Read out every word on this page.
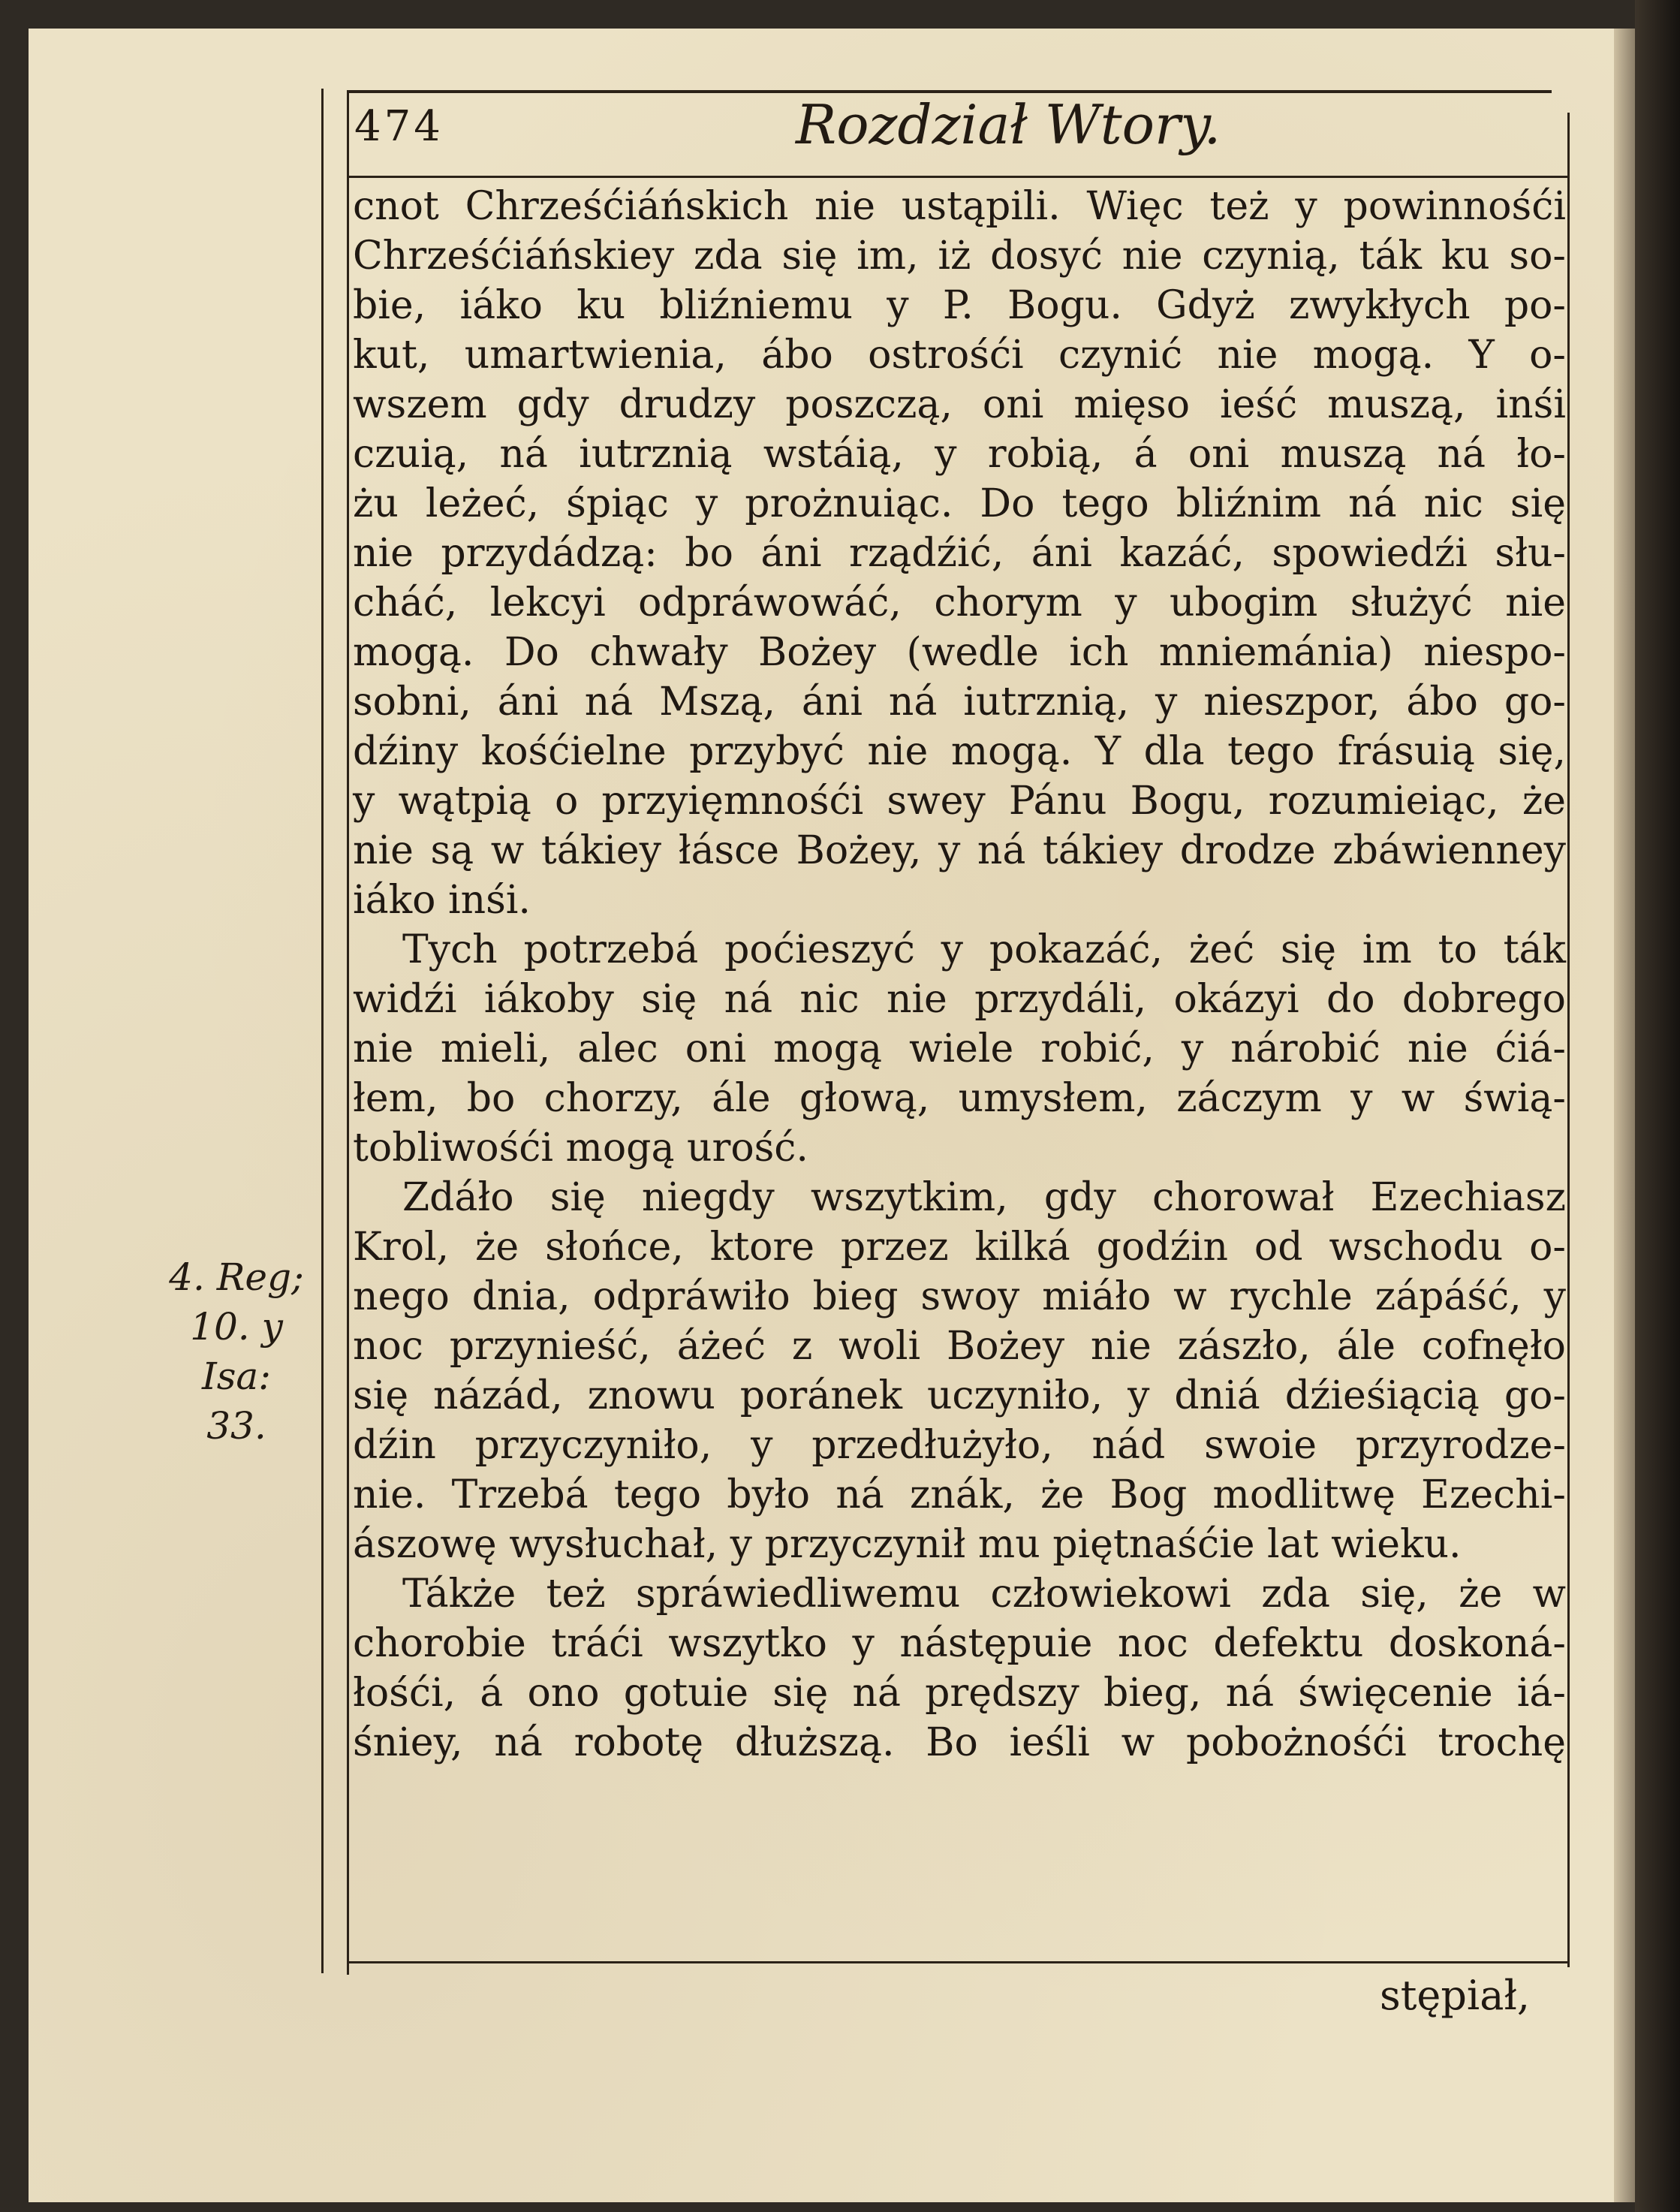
474	Rozdział Wtory.
4. Reg;
10. y Isa:
33.
cnot Chrześćiáńskich nie ustąpili. Więc też y powinnośći
Chrześćiáńskiey zda się im, iż dosyć nie czynią, ták ku so-
bie, iáko ku bliźniemu y P. Bogu. Gdyż zwykłych po-
kut, umartwienia, ábo ostrośći czynić nie mogą. Y o-
wszem gdy drudzy poszczą, oni mięso ieść muszą, inśi
czuią, ná iutrznią wstáią, y robią, á oni muszą ná ło-
żu leżeć, śpiąc y prożnuiąc. Do tego bliźnim ná nic się
nie przydádzą: bo áni rządźić, áni kazáć, spowiedźi słu-
cháć, lekcyi odpráwowáć, chorym y ubogim służyć nie
mogą. Do chwały Bożey (wedle ich mniemánia) niespo-
sobni, áni ná Mszą, áni ná iutrznią, y nieszpor, ábo go-
dźiny kośćielne przybyć nie mogą. Y dla tego frásuią się,
y wątpią o przyięmnośći swey Pánu Bogu, rozumieiąc, że
nie są w tákiey łásce Bożey, y ná tákiey drodze zbáwienney
iáko inśi.
Tych potrzebá poćieszyć y pokazáć, żeć się im to ták
widźi iákoby się ná nic nie przydáli, okázyi do dobrego
nie mieli, alec oni mogą wiele robić, y nárobić nie ćiá-
łem, bo chorzy, ále głową, umysłem, záczym y w świą-
tobliwośći mogą urość.
Zdáło się niegdy wszytkim, gdy chorował Ezechiasz
Krol, że słońce, ktore przez kilká godźin od wschodu o-
nego dnia, odpráwiło bieg swoy miáło w rychle zápáść, y
noc przynieść, áżeć z woli Bożey nie zászło, ále cofnęło
się názád, znowu poránek uczyniło, y dniá dźieśiącią go-
dźin przyczyniło, y przedłużyło, nád swoie przyrodze-
nie. Trzebá tego było ná znák, że Bog modlitwę Ezechi-
ászowę wysłuchał, y przyczynił mu piętnaśćie lat wieku.
Tákże też spráwiedliwemu człowiekowi zda się, że w
chorobie tráći wszytko y nástępuie noc defektu doskoná-
łośći, á ono gotuie się ná prędszy bieg, ná święcenie iá-
śniey, ná robotę dłuższą. Bo ieśli w pobożnośći trochę
stępiał,
